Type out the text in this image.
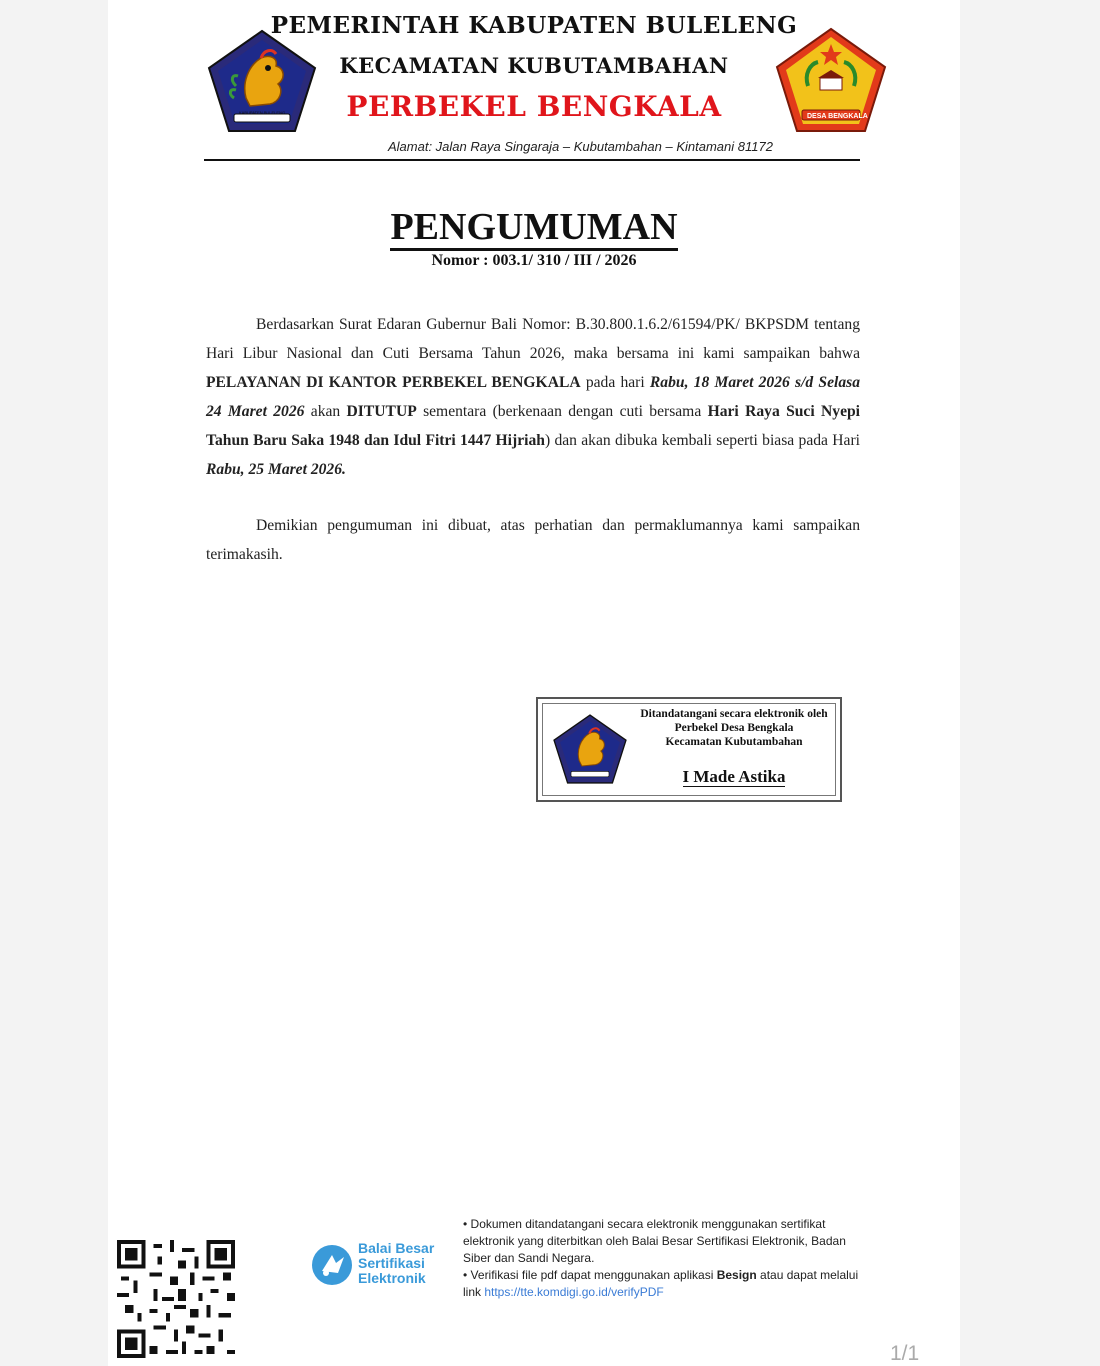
KABUPATEN BULELENG
DESA BENGKALA
PEMERINTAH KABUPATEN BULELENG
KECAMATAN KUBUTAMBAHAN
PERBEKEL BENGKALA
Alamat: Jalan Raya Singaraja – Kubutambahan – Kintamani 81172
PENGUMUMAN
Nomor : 003.1/ 310 / III / 2026
Berdasarkan Surat Edaran Gubernur Bali Nomor: B.30.800.1.6.2/61594/PK/ BKPSDM tentang Hari Libur Nasional dan Cuti Bersama Tahun 2026, maka bersama ini kami sampaikan bahwa PELAYANAN DI KANTOR PERBEKEL BENGKALA pada hari Rabu, 18 Maret 2026 s/d Selasa 24 Maret 2026 akan DITUTUP sementara (berkenaan dengan cuti bersama Hari Raya Suci Nyepi Tahun Baru Saka 1948 dan Idul Fitri 1447 Hijriah) dan akan dibuka kembali seperti biasa pada Hari Rabu, 25 Maret 2026.
Demikian pengumuman ini dibuat, atas perhatian dan permaklumannya kami sampaikan terimakasih.
Ditandatangani secara elektronik oleh
Perbekel Desa Bengkala
Kecamatan Kubutambahan
I Made Astika
Balai Besar
Sertifikasi
Elektronik
• Dokumen ditandatangani secara elektronik menggunakan sertifikat elektronik yang diterbitkan oleh Balai Besar Sertifikasi Elektronik, Badan Siber dan Sandi Negara.
• Verifikasi file pdf dapat menggunakan aplikasi Besign atau dapat melalui link https://tte.komdigi.go.id/verifyPDF
1/1
